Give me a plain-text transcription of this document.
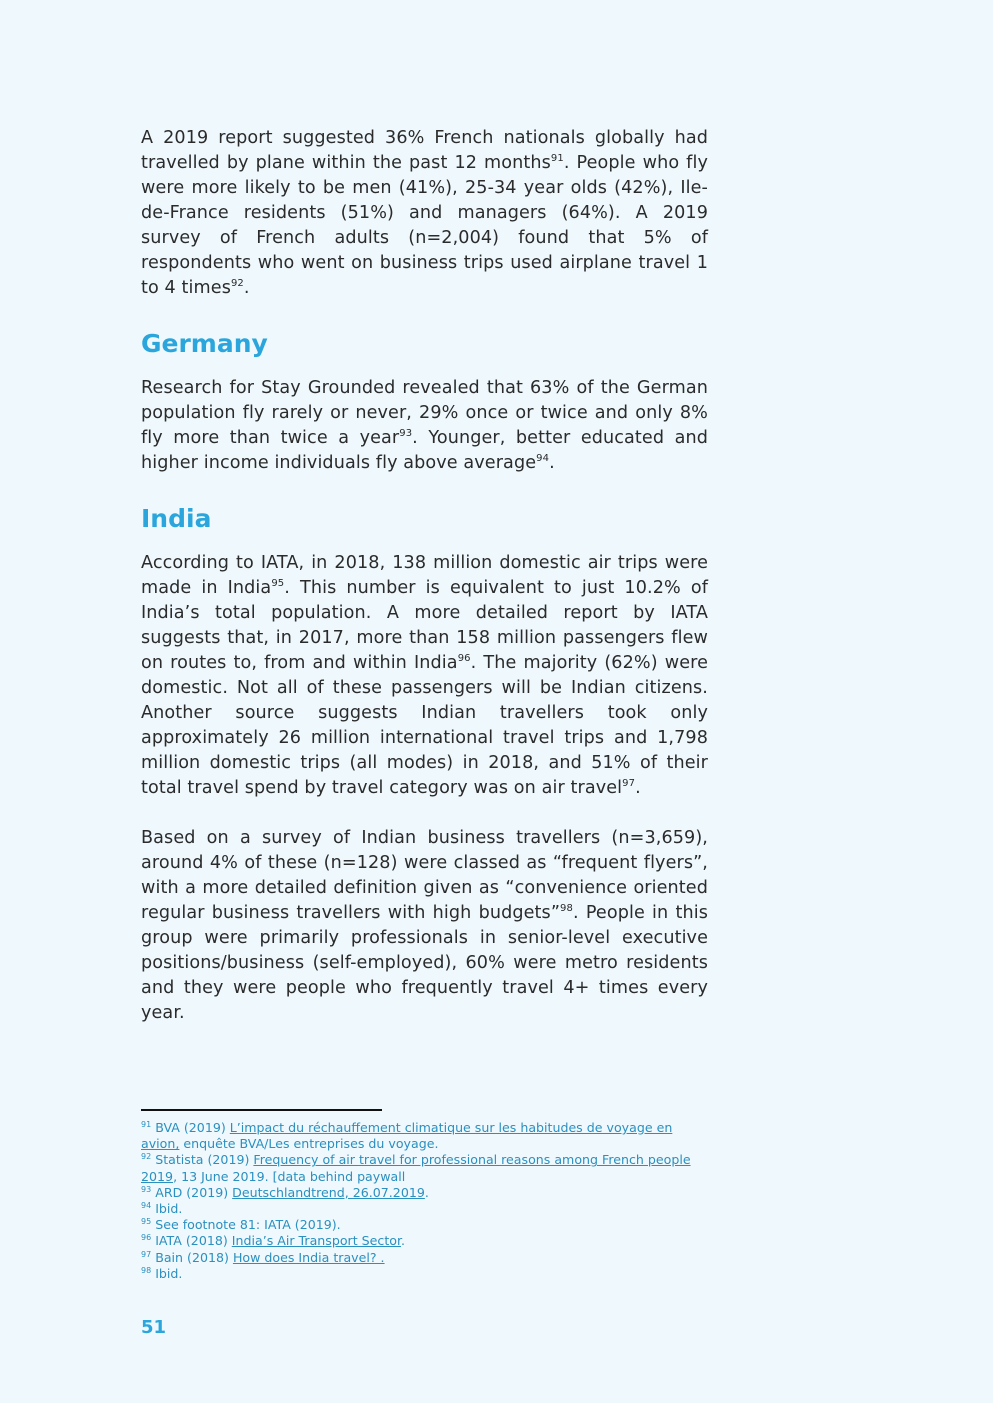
A 2019 report suggested 36% French nationals globally had travelled by plane within the past 12 months$^{91}$. People who fly were more likely to be men (41%), 25-34 year olds (42%), Ile-de-France residents (51%) and managers (64%). A 2019 survey of French adults (n=2,004) found that 5% of respondents who went on business trips used airplane travel 1 to 4 times$^{92}$.

Germany

Research for Stay Grounded revealed that 63% of the German population fly rarely or never, 29% once or twice and only 8% fly more than twice a year$^{93}$. Younger, better educated and higher income individuals fly above average$^{94}$.

India

According to IATA, in 2018, 138 million domestic air trips were made in India$^{95}$. This number is equivalent to just 10.2% of India’s total population. A more detailed report by IATA suggests that, in 2017, more than 158 million passengers flew on routes to, from and within India$^{96}$. The majority (62%) were domestic. Not all of these passengers will be Indian citizens. Another source suggests Indian travellers took only approximately 26 million international travel trips and 1,798 million domestic trips (all modes) in 2018, and 51% of their total travel spend by travel category was on air travel$^{97}$.

Based on a survey of Indian business travellers (n=3,659), around 4% of these (n=128) were classed as “frequent flyers”, with a more detailed definition given as “convenience oriented regular business travellers with high budgets”$^{98}$. People in this group were primarily professionals in senior-level executive positions/business (self-employed), 60% were metro residents and they were people who frequently travel 4+ times every year.

$^{91}$ BVA (2019) L’impact du réchauffement climatique sur les habitudes de voyage en avion, enquête BVA/Les entreprises du voyage.

$^{92}$ Statista (2019) Frequency of air travel for professional reasons among French people 2019, 13 June 2019. [data behind paywall

$^{93}$ ARD (2019) Deutschlandtrend, 26.07.2019.

$^{94}$ Ibid.

$^{95}$ See footnote 81: IATA (2019).

$^{96}$ IATA (2018) India’s Air Transport Sector.

$^{97}$ Bain (2018) How does India travel? .

$^{98}$ Ibid.

51
